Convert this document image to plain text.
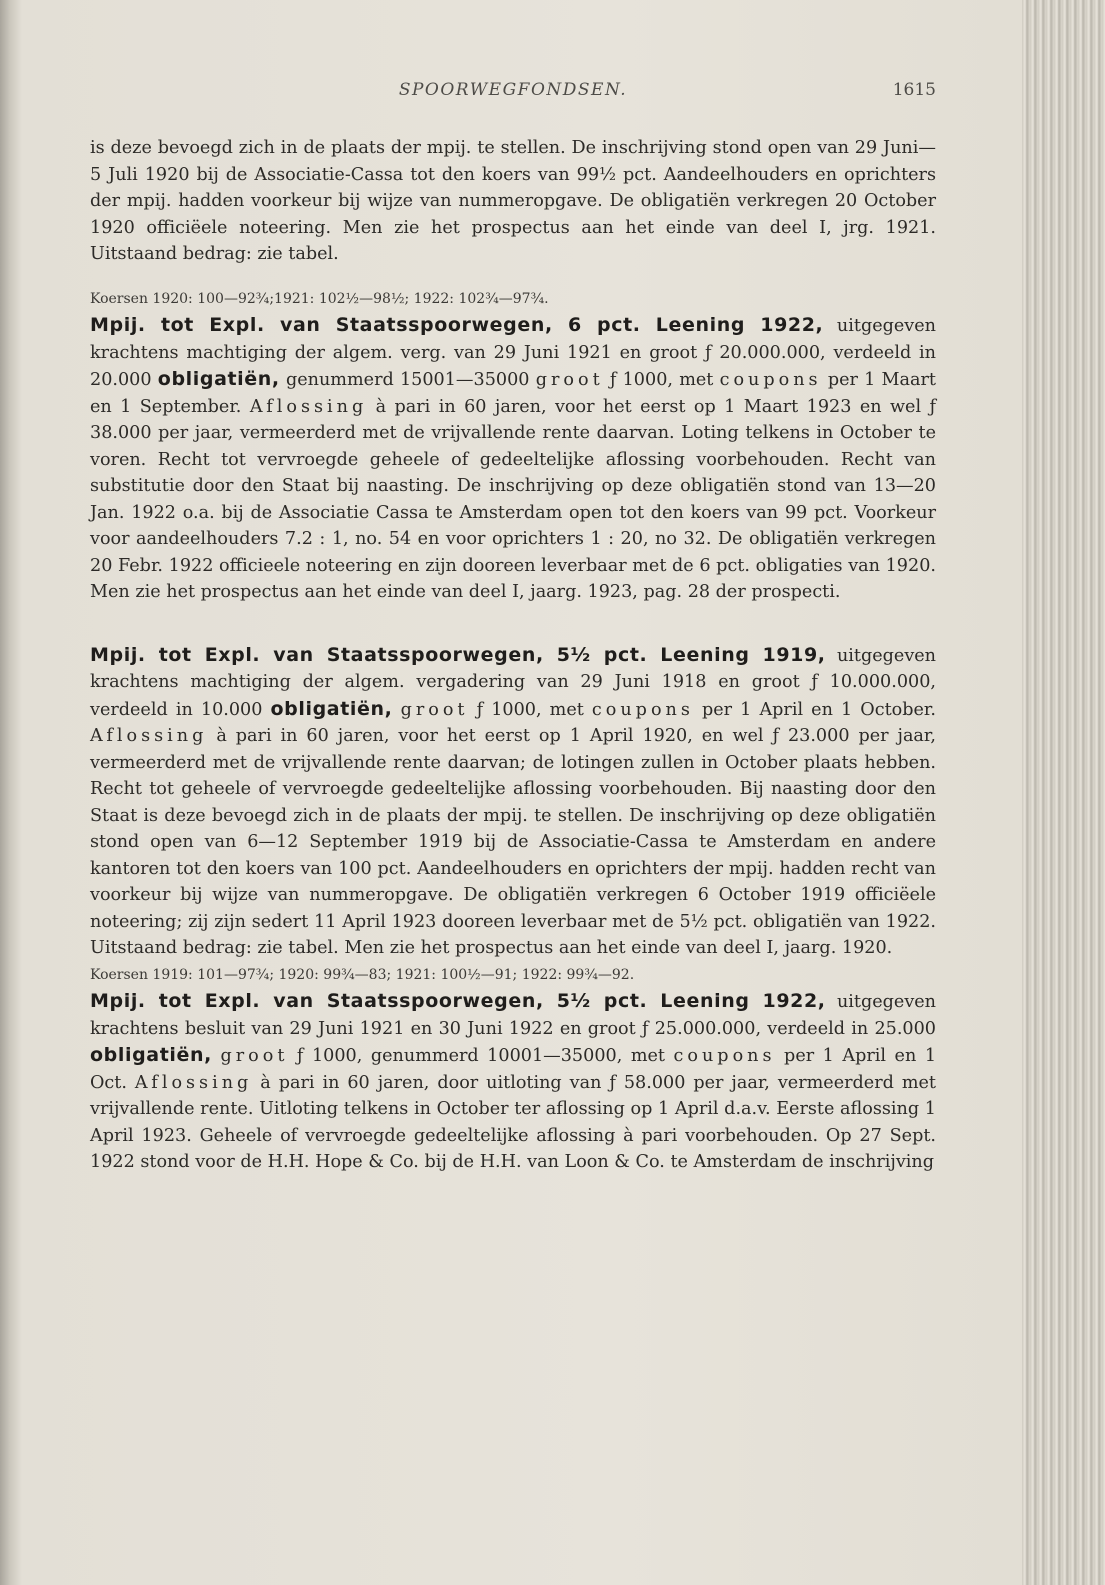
SPOORWEGFONDSEN.	1615

is deze bevoegd zich in de plaats der mpij. te stellen. De inschrijving stond open van 29 Juni—5 Juli 1920 bij de Associatie-Cassa tot den koers van 99½ pct. Aandeelhouders en oprichters der mpij. hadden voorkeur bij wijze van nummeropgave. De obligatiën verkregen 20 October 1920 officiëele noteering. Men zie het prospectus aan het einde van deel I, jrg. 1921. Uitstaand bedrag: zie tabel.

Koersen 1920: 100—92¾;1921: 102½—98½; 1922: 102¾—97¾.

Mpij. tot Expl. van Staatsspoorwegen, 6 pct. Leening 1922, uitgegeven krachtens machtiging der algem. verg. van 29 Juni 1921 en groot ƒ 20.000.000, verdeeld in 20.000 obligatiën, genummerd 15001—35000 groot ƒ 1000, met coupons per 1 Maart en 1 September. Aflossing à pari in 60 jaren, voor het eerst op 1 Maart 1923 en wel ƒ 38.000 per jaar, vermeerderd met de vrijvallende rente daarvan. Loting telkens in October te voren. Recht tot vervroegde geheele of gedeeltelijke aflossing voorbehouden. Recht van substitutie door den Staat bij naasting. De inschrijving op deze obligatiën stond van 13—20 Jan. 1922 o.a. bij de Associatie Cassa te Amsterdam open tot den koers van 99 pct. Voorkeur voor aandeelhouders 7.2 : 1, no. 54 en voor oprichters 1 : 20, no 32. De obligatiën verkregen 20 Febr. 1922 officieele noteering en zijn dooreen leverbaar met de 6 pct. obligaties van 1920. Men zie het prospectus aan het einde van deel I, jaarg. 1923, pag. 28 der prospecti.

Mpij. tot Expl. van Staatsspoorwegen, 5½ pct. Leening 1919, uitgegeven krachtens machtiging der algem. vergadering van 29 Juni 1918 en groot ƒ 10.000.000, verdeeld in 10.000 obligatiën, groot ƒ 1000, met coupons per 1 April en 1 October. Aflossing à pari in 60 jaren, voor het eerst op 1 April 1920, en wel ƒ 23.000 per jaar, vermeerderd met de vrijvallende rente daarvan; de lotingen zullen in October plaats hebben. Recht tot geheele of vervroegde gedeeltelijke aflossing voorbehouden. Bij naasting door den Staat is deze bevoegd zich in de plaats der mpij. te stellen. De inschrijving op deze obligatiën stond open van 6—12 September 1919 bij de Associatie-Cassa te Amsterdam en andere kantoren tot den koers van 100 pct. Aandeelhouders en oprichters der mpij. hadden recht van voorkeur bij wijze van nummeropgave. De obligatiën verkregen 6 October 1919 officiëele noteering; zij zijn sedert 11 April 1923 dooreen leverbaar met de 5½ pct. obligatiën van 1922. Uitstaand bedrag: zie tabel. Men zie het prospectus aan het einde van deel I, jaarg. 1920.

Koersen 1919: 101—97¾; 1920: 99¾—83; 1921: 100½—91; 1922: 99¾—92.

Mpij. tot Expl. van Staatsspoorwegen, 5½ pct. Leening 1922, uitgegeven krachtens besluit van 29 Juni 1921 en 30 Juni 1922 en groot ƒ 25.000.000, verdeeld in 25.000 obligatiën, groot ƒ 1000, genummerd 10001—35000, met coupons per 1 April en 1 Oct. Aflossing à pari in 60 jaren, door uitloting van ƒ 58.000 per jaar, vermeerderd met vrijvallende rente. Uitloting telkens in October ter aflossing op 1 April d.a.v. Eerste aflossing 1 April 1923. Geheele of vervroegde gedeeltelijke aflossing à pari voorbehouden. Op 27 Sept. 1922 stond voor de H.H. Hope & Co. bij de H.H. van Loon & Co. te Amsterdam de inschrijving
